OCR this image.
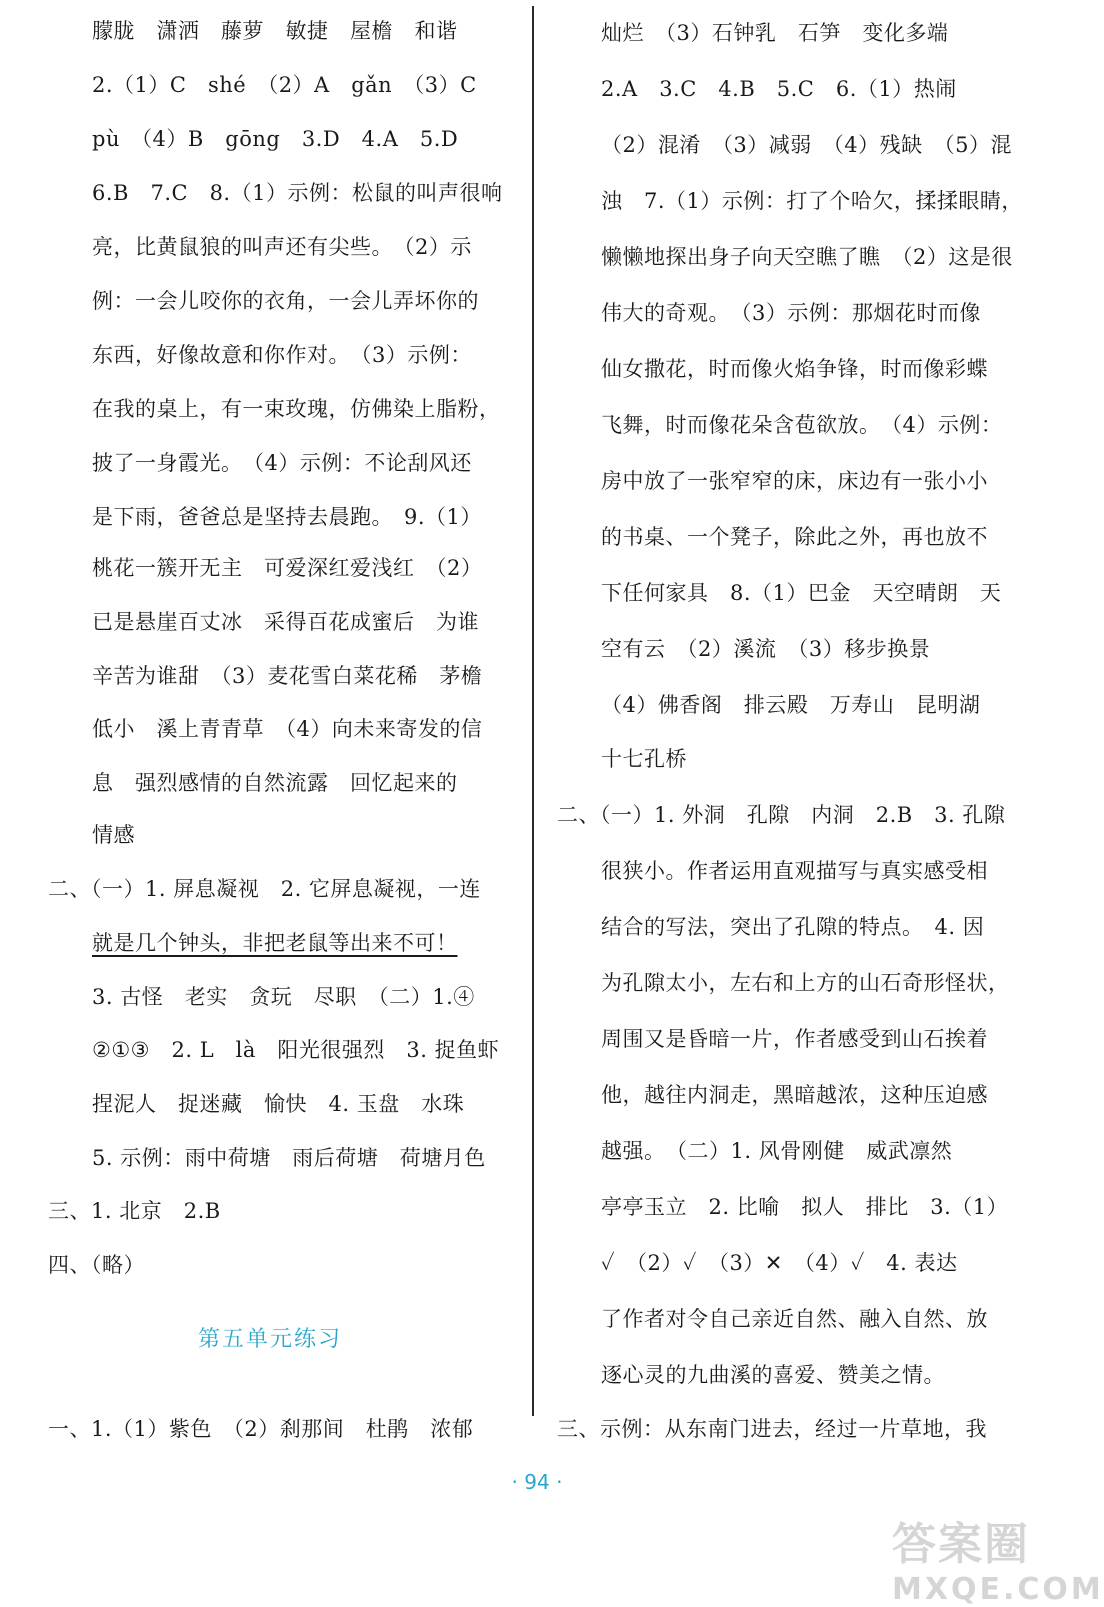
朦胧　潇洒　藤萝　敏捷　屋檐　和谐
2.（1）C　shé　（2）A　gǎn　（3）C
pù　（4）B　gōng　3.D　4.A　5.D
6.B　7.C　8.（1）示例：松鼠的叫声很响
亮，比黄鼠狼的叫声还有尖些。　（2）示
例：一会儿咬你的衣角，一会儿弄坏你的
东西，好像故意和你作对。　（3）示例：
在我的桌上，有一束玫瑰，仿佛染上脂粉，
披了一身霞光。　（4）示例：不论刮风还
是下雨，爸爸总是坚持去晨跑。　9.（1）
桃花一簇开无主　可爱深红爱浅红　（2）
已是悬崖百丈冰　采得百花成蜜后　为谁
辛苦为谁甜　（3）麦花雪白菜花稀　茅檐
低小　溪上青青草　（4）向未来寄发的信
息　强烈感情的自然流露　回忆起来的
情感
二、（一）1. 屏息凝视　2. 它屏息凝视，一连
就是几个钟头，非把老鼠等出来不可！
3. 古怪　老实　贪玩　尽职　（二）1.④
②①③　2. L　là　阳光很强烈　3. 捉鱼虾
捏泥人　捉迷藏　愉快　4. 玉盘　水珠
5. 示例：雨中荷塘　雨后荷塘　荷塘月色
三、1. 北京　2.B
四、（略）
一、1.（1）紫色　（2）刹那间　杜鹃　浓郁
第五单元练习
灿烂　（3）石钟乳　石笋　变化多端
2.A　3.C　4.B　5.C　6.（1）热闹
（2）混淆　（3）减弱　（4）残缺　（5）混
浊　7.（1）示例：打了个哈欠，揉揉眼睛，
懒懒地探出身子向天空瞧了瞧　（2）这是很
伟大的奇观。　（3）示例：那烟花时而像
仙女撒花，时而像火焰争锋，时而像彩蝶
飞舞，时而像花朵含苞欲放。　（4）示例：
房中放了一张窄窄的床，床边有一张小小
的书桌、一个凳子，除此之外，再也放不
下任何家具　8.（1）巴金　天空晴朗　天
空有云　（2）溪流　（3）移步换景
（4）佛香阁　排云殿　万寿山　昆明湖
十七孔桥
二、（一）1. 外洞　孔隙　内洞　2.B　3. 孔隙
很狭小。作者运用直观描写与真实感受相
结合的写法，突出了孔隙的特点。　4. 因
为孔隙太小，左右和上方的山石奇形怪状，
周围又是昏暗一片，作者感受到山石挨着
他，越往内洞走，黑暗越浓，这种压迫感
越强。　（二）1. 风骨刚健　威武凛然
亭亭玉立　2. 比喻　拟人　排比　3.（1）
✓　（2）✓　（3）✕　（4）✓　4. 表达
了作者对令自己亲近自然、融入自然、放
逐心灵的九曲溪的喜爱、赞美之情。
三、示例：从东南门进去，经过一片草地，我
· 94 ·
答案圈
MXQE.COM
